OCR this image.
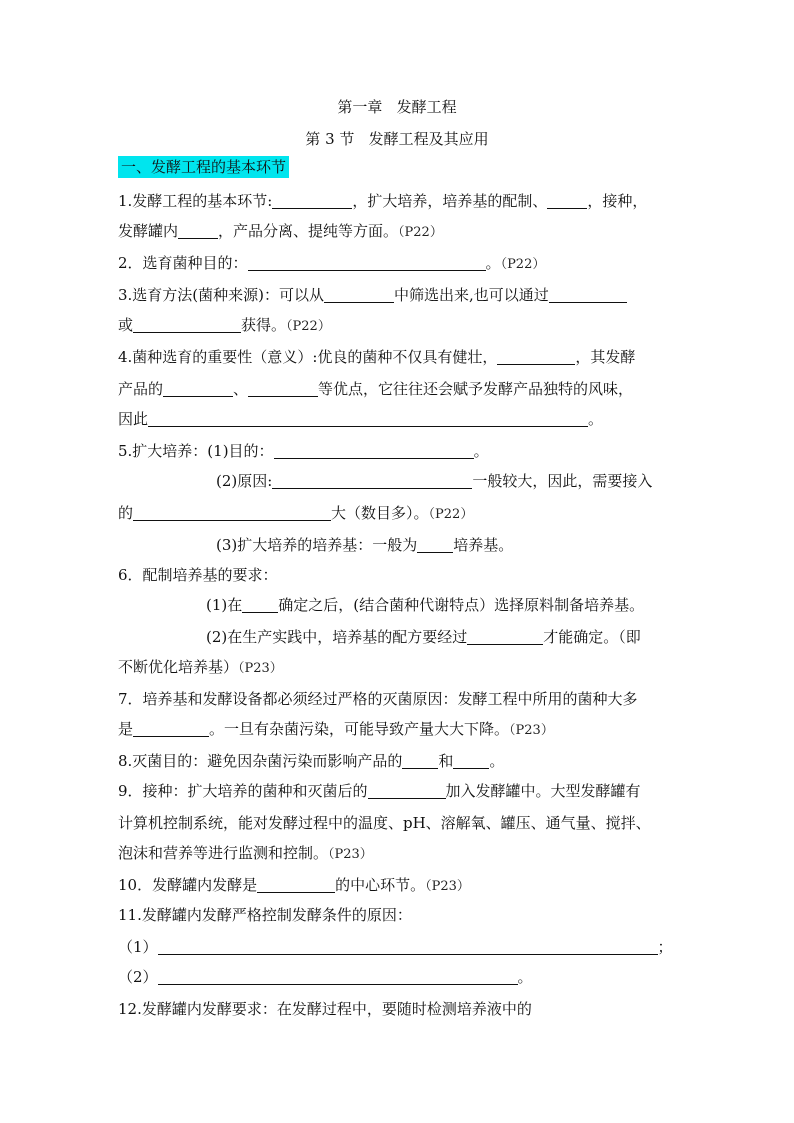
第一章   发酵工程
第 3 节   发酵工程及其应用
一、发酵工程的基本环节
1.发酵工程的基本环节:	，扩大培养，培养基的配制、	，接种，
发酵罐内	，产品分离、提纯等方面。（P22）
2．选育菌种目的：	。（P22）
3.选育方法(菌种来源)：可以从	中筛选出来,也可以通过
或	获得。（P22）
4.菌种选育的重要性（意义）:优良的菌种不仅具有健壮，	，其发酵
产品的	、	等优点，它往往还会赋予发酵产品独特的风味，
因此	。
5.扩大培养：(1)目的：	。
(2)原因:	一般较大，因此，需要接入
的	大（数目多）。（P22）
(3)扩大培养的培养基：一般为 培养基。
6．配制培养基的要求：
(1)在 确定之后，(结合菌种代谢特点）选择原料制备培养基。
(2)在生产实践中，培养基的配方要经过	才能确定。（即
不断优化培养基）（P23）
7．培养基和发酵设备都必须经过严格的灭菌原因：发酵工程中所用的菌种大多
是	。一旦有杂菌污染，可能导致产量大大下降。（P23）
8.灭菌目的：避免因杂菌污染而影响产品的 和 。
9．接种：扩大培养的菌种和灭菌后的	加入发酵罐中。大型发酵罐有
计算机控制系统，能对发酵过程中的温度、pH、溶解氧、罐压、通气量、搅拌、
泡沫和营养等进行监测和控制。（P23）
10．发酵罐内发酵是	的中心环节。（P23）
11.发酵罐内发酵严格控制发酵条件的原因：
（1）	；
（2）	。
12.发酵罐内发酵要求：在发酵过程中，要随时检测培养液中的
